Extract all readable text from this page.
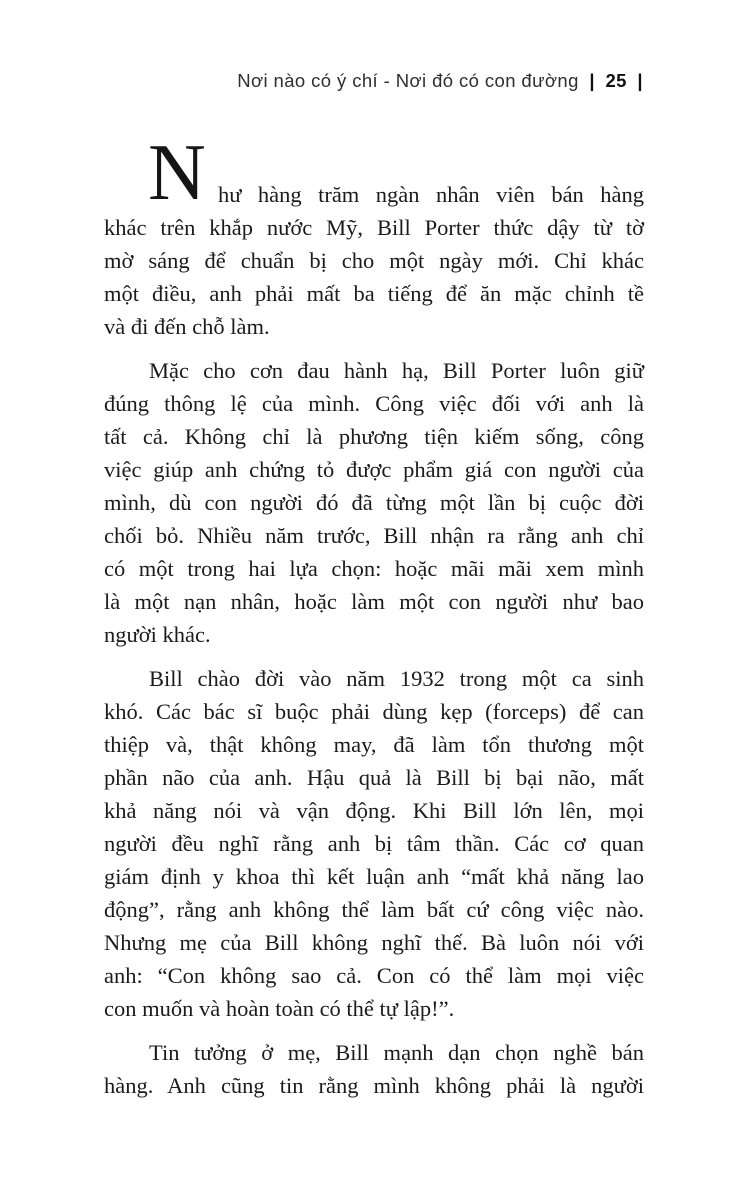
Nơi nào có ý chí - Nơi đó có con đường | 25 |
N hư hàng trăm ngàn nhân viên bán hàng
khác trên khắp nước Mỹ, Bill Porter thức dậy từ tờ
mờ sáng để chuẩn bị cho một ngày mới. Chỉ khác
một điều, anh phải mất ba tiếng để ăn mặc chỉnh tề
và đi đến chỗ làm.
Mặc cho cơn đau hành hạ, Bill Porter luôn giữ
đúng thông lệ của mình. Công việc đối với anh là
tất cả. Không chỉ là phương tiện kiếm sống, công
việc giúp anh chứng tỏ được phẩm giá con người của
mình, dù con người đó đã từng một lần bị cuộc đời
chối bỏ. Nhiều năm trước, Bill nhận ra rằng anh chỉ
có một trong hai lựa chọn: hoặc mãi mãi xem mình
là một nạn nhân, hoặc làm một con người như bao
người khác.
Bill chào đời vào năm 1932 trong một ca sinh
khó. Các bác sĩ buộc phải dùng kẹp (forceps) để can
thiệp và, thật không may, đã làm tổn thương một
phần não của anh. Hậu quả là Bill bị bại não, mất
khả năng nói và vận động. Khi Bill lớn lên, mọi
người đều nghĩ rằng anh bị tâm thần. Các cơ quan
giám định y khoa thì kết luận anh “mất khả năng lao
động”, rằng anh không thể làm bất cứ công việc nào.
Nhưng mẹ của Bill không nghĩ thế. Bà luôn nói với
anh: “Con không sao cả. Con có thể làm mọi việc
con muốn và hoàn toàn có thể tự lập!”.
Tin tưởng ở mẹ, Bill mạnh dạn chọn nghề bán
hàng. Anh cũng tin rằng mình không phải là người
